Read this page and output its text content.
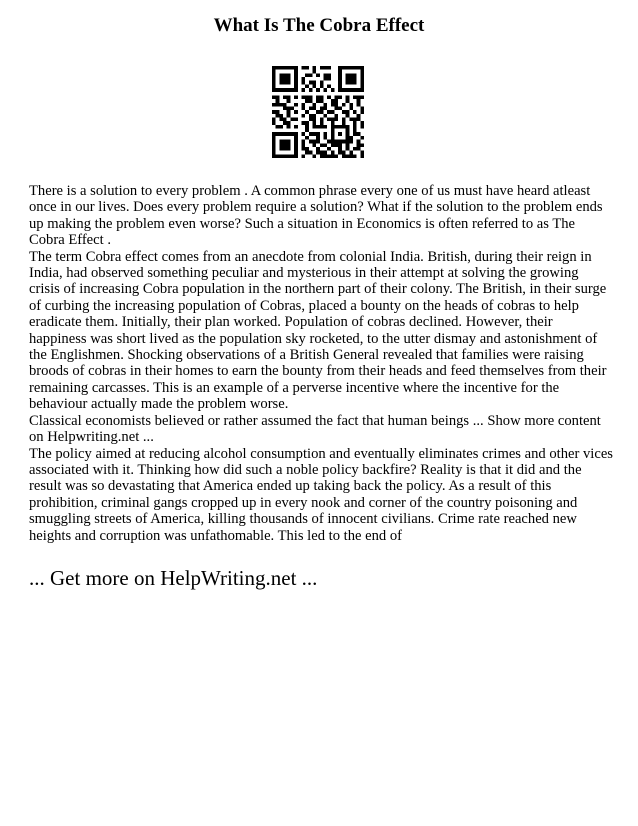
What Is The Cobra Effect

There is a solution to every problem . A common phrase every one of us must have heard atleast once in our lives. Does every problem require a solution? What if the solution to the problem ends up making the problem even worse? Such a situation in Economics is often referred to as The Cobra Effect .

The term Cobra effect comes from an anecdote from colonial India. British, during their reign in India, had observed something peculiar and mysterious in their attempt at solving the growing crisis of increasing Cobra population in the northern part of their colony. The British, in their surge of curbing the increasing population of Cobras, placed a bounty on the heads of cobras to help eradicate them. Initially, their plan worked. Population of cobras declined. However, their happiness was short lived as the population sky rocketed, to the utter dismay and astonishment of the Englishmen. Shocking observations of a British General revealed that families were raising broods of cobras in their homes to earn the bounty from their heads and feed themselves from their remaining carcasses. This is an example of a perverse incentive where the incentive for the behaviour actually made the problem worse.

Classical economists believed or rather assumed the fact that human beings ... Show more content on Helpwriting.net ...

The policy aimed at reducing alcohol consumption and eventually eliminates crimes and other vices associated with it. Thinking how did such a noble policy backfire? Reality is that it did and the result was so devastating that America ended up taking back the policy. As a result of this prohibition, criminal gangs cropped up in every nook and corner of the country poisoning and smuggling streets of America, killing thousands of innocent civilians. Crime rate reached new heights and corruption was unfathomable. This led to the end of

... Get more on HelpWriting.net ...
